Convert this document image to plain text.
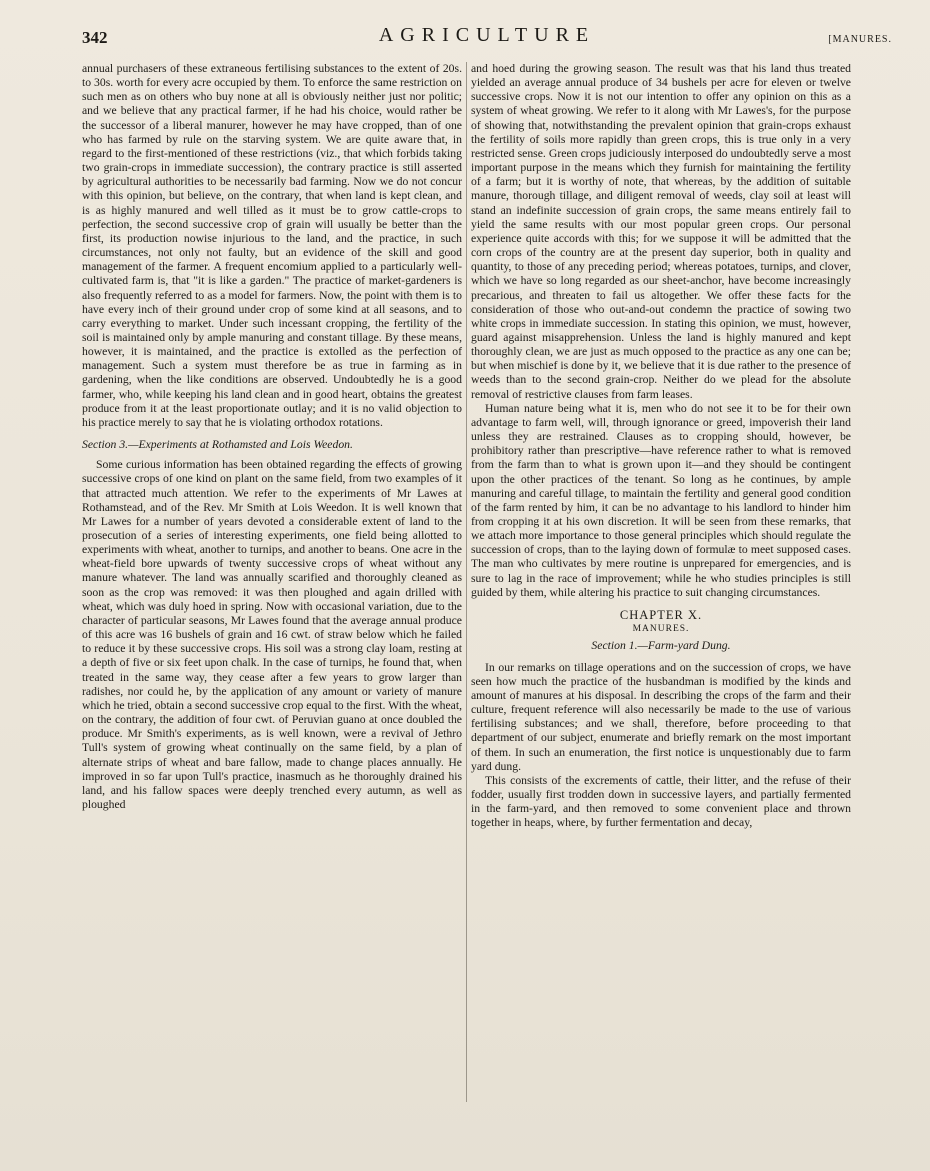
342	AGRICULTURE	[MANURES.

annual purchasers of these extraneous fertilising substances to the extent of 20s. to 30s. worth for every acre occupied by them. To enforce the same restriction on such men as on others who buy none at all is obviously neither just nor politic; and we believe that any practical farmer, if he had his choice, would rather be the successor of a liberal manurer, however he may have cropped, than of one who has farmed by rule on the starving system. We are quite aware that, in regard to the first-mentioned of these restrictions (viz., that which forbids taking two grain-crops in immediate succession), the contrary practice is still asserted by agricultural authorities to be necessarily bad farming. Now we do not concur with this opinion, but believe, on the contrary, that when land is kept clean, and is as highly manured and well tilled as it must be to grow cattle-crops to perfection, the second successive crop of grain will usually be better than the first, its production nowise injurious to the land, and the practice, in such circumstances, not only not faulty, but an evidence of the skill and good management of the farmer. A frequent encomium applied to a particularly well-cultivated farm is, that "it is like a garden." The practice of market-gardeners is also frequently referred to as a model for farmers. Now, the point with them is to have every inch of their ground under crop of some kind at all seasons, and to carry everything to market. Under such incessant cropping, the fertility of the soil is maintained only by ample manuring and constant tillage. By these means, however, it is maintained, and the practice is extolled as the perfection of management. Such a system must therefore be as true in farming as in gardening, when the like conditions are observed. Undoubtedly he is a good farmer, who, while keeping his land clean and in good heart, obtains the greatest produce from it at the least proportionate outlay; and it is no valid objection to his practice merely to say that he is violating orthodox rotations.

Section 3.—Experiments at Rothamsted and Lois Weedon.

Some curious information has been obtained regarding the effects of growing successive crops of one kind on plant on the same field, from two examples of it that attracted much attention. We refer to the experiments of Mr Lawes at Rothamstead, and of the Rev. Mr Smith at Lois Weedon. It is well known that Mr Lawes for a number of years devoted a considerable extent of land to the prosecution of a series of interesting experiments, one field being allotted to experiments with wheat, another to turnips, and another to beans. One acre in the wheat-field bore upwards of twenty successive crops of wheat without any manure whatever. The land was annually scarified and thoroughly cleaned as soon as the crop was removed: it was then ploughed and again drilled with wheat, which was duly hoed in spring. Now with occasional variation, due to the character of particular seasons, Mr Lawes found that the average annual produce of this acre was 16 bushels of grain and 16 cwt. of straw below which he failed to reduce it by these successive crops. His soil was a strong clay loam, resting at a depth of five or six feet upon chalk. In the case of turnips, he found that, when treated in the same way, they cease after a few years to grow larger than radishes, nor could he, by the application of any amount or variety of manure which he tried, obtain a second successive crop equal to the first. With the wheat, on the contrary, the addition of four cwt. of Peruvian guano at once doubled the produce. Mr Smith's experiments, as is well known, were a revival of Jethro Tull's system of growing wheat continually on the same field, by a plan of alternate strips of wheat and bare fallow, made to change places annually. He improved in so far upon Tull's practice, inasmuch as he thoroughly drained his land, and his fallow spaces were deeply trenched every autumn, as well as ploughed

and hoed during the growing season. The result was that his land thus treated yielded an average annual produce of 34 bushels per acre for eleven or twelve successive crops. Now it is not our intention to offer any opinion on this as a system of wheat growing. We refer to it along with Mr Lawes's, for the purpose of showing that, notwithstanding the prevalent opinion that grain-crops exhaust the fertility of soils more rapidly than green crops, this is true only in a very restricted sense. Green crops judiciously interposed do undoubtedly serve a most important purpose in the means which they furnish for maintaining the fertility of a farm; but it is worthy of note, that whereas, by the addition of suitable manure, thorough tillage, and diligent removal of weeds, clay soil at least will stand an indefinite succession of grain crops, the same means entirely fail to yield the same results with our most popular green crops. Our personal experience quite accords with this; for we suppose it will be admitted that the corn crops of the country are at the present day superior, both in quality and quantity, to those of any preceding period; whereas potatoes, turnips, and clover, which we have so long regarded as our sheet-anchor, have become increasingly precarious, and threaten to fail us altogether. We offer these facts for the consideration of those who out-and-out condemn the practice of sowing two white crops in immediate succession. In stating this opinion, we must, however, guard against misapprehension. Unless the land is highly manured and kept thoroughly clean, we are just as much opposed to the practice as any one can be; but when mischief is done by it, we believe that it is due rather to the presence of weeds than to the second grain-crop. Neither do we plead for the absolute removal of restrictive clauses from farm leases.

Human nature being what it is, men who do not see it to be for their own advantage to farm well, will, through ignorance or greed, impoverish their land unless they are restrained. Clauses as to cropping should, however, be prohibitory rather than prescriptive—have reference rather to what is removed from the farm than to what is grown upon it—and they should be contingent upon the other practices of the tenant. So long as he continues, by ample manuring and careful tillage, to maintain the fertility and general good condition of the farm rented by him, it can be no advantage to his landlord to hinder him from cropping it at his own discretion. It will be seen from these remarks, that we attach more importance to those general principles which should regulate the succession of crops, than to the laying down of formulæ to meet supposed cases. The man who cultivates by mere routine is unprepared for emergencies, and is sure to lag in the race of improvement; while he who studies principles is still guided by them, while altering his practice to suit changing circumstances.

CHAPTER X.
MANURES.
Section 1.—Farm-yard Dung.

In our remarks on tillage operations and on the succession of crops, we have seen how much the practice of the husbandman is modified by the kinds and amount of manures at his disposal. In describing the crops of the farm and their culture, frequent reference will also necessarily be made to the use of various fertilising substances; and we shall, therefore, before proceeding to that department of our subject, enumerate and briefly remark on the most important of them. In such an enumeration, the first notice is unquestionably due to farm yard dung.

This consists of the excrements of cattle, their litter, and the refuse of their fodder, usually first trodden down in successive layers, and partially fermented in the farm-yard, and then removed to some convenient place and thrown together in heaps, where, by further fermentation and decay,
